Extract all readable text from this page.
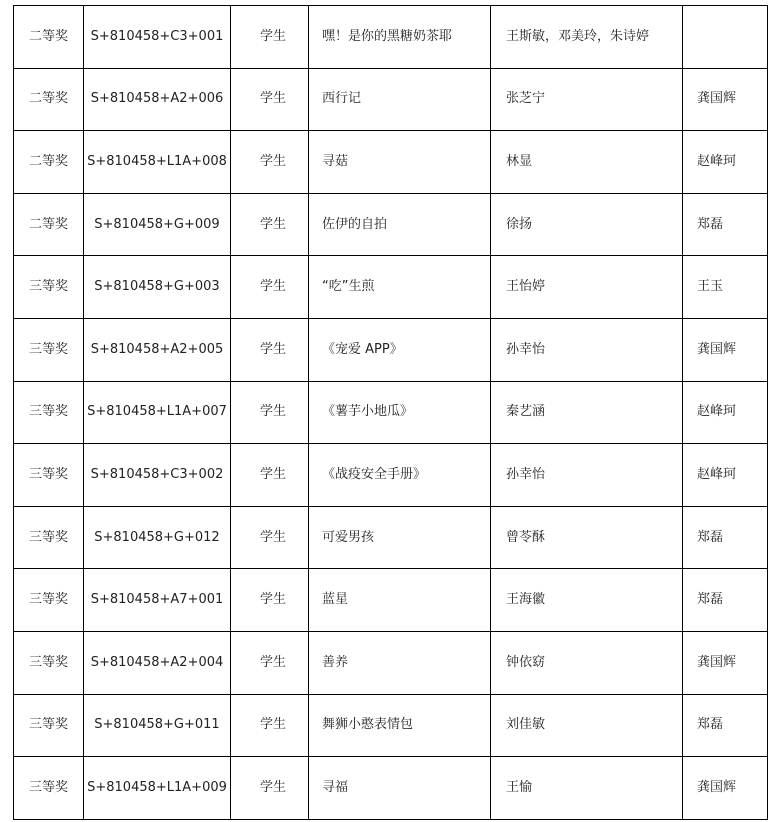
二等奖	S+810458+C3+001	学生	嘿！是你的黑糖奶茶耶	王斯敏，邓美玲，朱诗婷	
二等奖	S+810458+A2+006	学生	西行记	张芝宁	龚国辉
二等奖	S+810458+L1A+008	学生	寻菇	林显	赵峰珂
二等奖	S+810458+G+009	学生	佐伊的自拍	徐扬	郑磊
三等奖	S+810458+G+003	学生	“吃”生煎	王怡婷	王玉
三等奖	S+810458+A2+005	学生	《宠爱 APP》	孙幸怡	龚国辉
三等奖	S+810458+L1A+007	学生	《薯芋小地瓜》	秦艺涵	赵峰珂
三等奖	S+810458+C3+002	学生	《战疫安全手册》	孙幸怡	赵峰珂
三等奖	S+810458+G+012	学生	可爱男孩	曾苓酥	郑磊
三等奖	S+810458+A7+001	学生	蓝星	王海徽	郑磊
三等奖	S+810458+A2+004	学生	善养	钟依窈	龚国辉
三等奖	S+810458+G+011	学生	舞狮小憨表情包	刘佳敏	郑磊
三等奖	S+810458+L1A+009	学生	寻福	王愉	龚国辉
